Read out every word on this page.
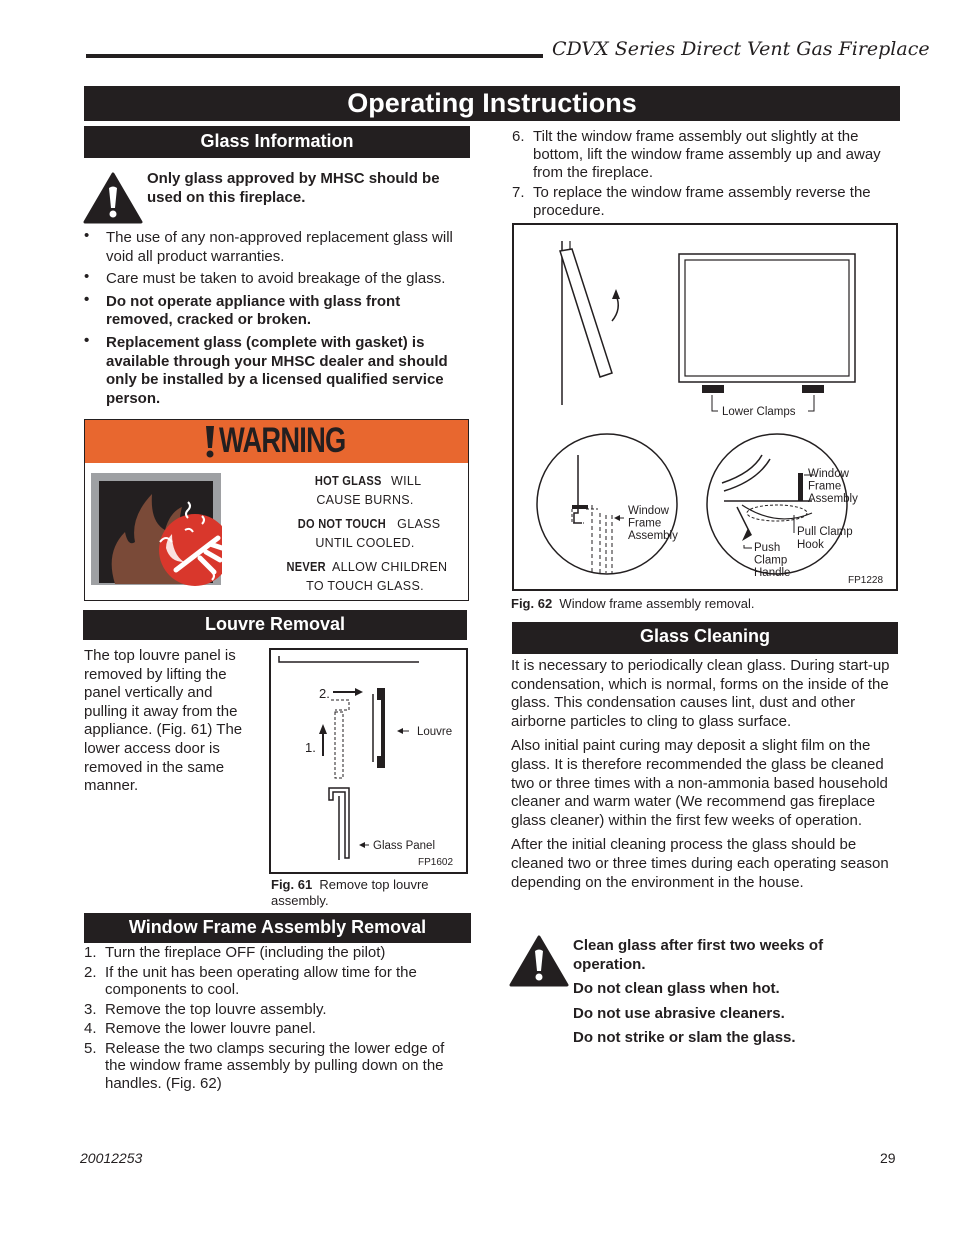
CDVX Series Direct Vent Gas Fireplace
Operating Instructions
Glass Information
Only glass approved by MHSC should be
used on this fireplace.
• The use of any non-approved replacement glass will void all product warranties.
• Care must be taken to avoid breakage of the glass.
• Do not operate appliance with glass front removed, cracked or broken.
• Replacement glass (complete with gasket) is available through your MHSC dealer and should only be installed by a licensed qualified service person.
WARNING
HOT GLASS WILL
CAUSE BURNS.
DO NOT TOUCH GLASS
UNTIL COOLED.
NEVER ALLOW CHILDREN
TO TOUCH GLASS.
Louvre Removal
The top louvre panel is removed by lifting the panel vertically and pulling it away from the appliance. (Fig. 61) The lower access door is removed in the same manner.
2.
1.
Louvre
Glass Panel
FP1602
Fig. 61 Remove top louvre assembly.
Window Frame Assembly Removal
1. Turn the fireplace OFF (including the pilot)
2. If the unit has been operating allow time for the components to cool.
3. Remove the top louvre assembly.
4. Remove the lower louvre panel.
5. Release the two clamps securing the lower edge of the window frame assembly by pulling down on the handles. (Fig. 62)
6. Tilt the window frame assembly out slightly at the bottom, lift the window frame assembly up and away from the fireplace.
7. To replace the window frame assembly reverse the procedure.
Lower Clamps
Window Frame Assembly
Window Frame Assembly
Pull Clamp Hook
Push Clamp Handle
FP1228
Fig. 62 Window frame assembly removal.
Glass Cleaning

It is necessary to periodically clean glass. During start-up condensation, which is normal, forms on the inside of the glass. This condensation causes lint, dust and other airborne particles to cling to glass surface.

Also initial paint curing may deposit a slight film on the glass. It is therefore recommended the glass be cleaned two or three times with a non-ammonia based household cleaner and warm water (We recommend gas fireplace glass cleaner) within the first few weeks of operation.

After the initial cleaning process the glass should be cleaned two or three times during each operating season depending on the environment in the house.

Clean glass after first two weeks of operation.
Do not clean glass when hot.
Do not use abrasive cleaners.
Do not strike or slam the glass.
20012253	29
